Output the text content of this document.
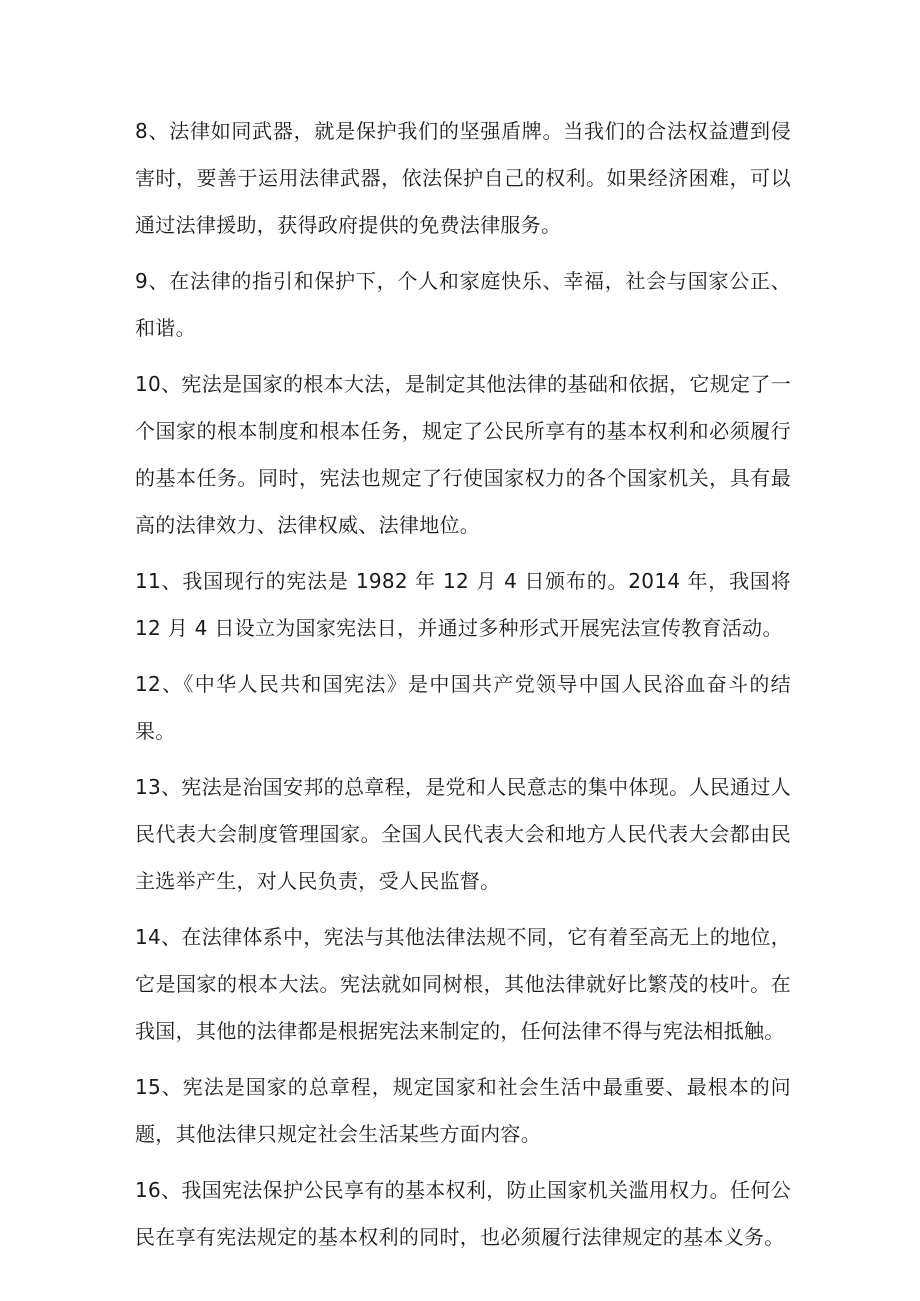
8、法律如同武器，就是保护我们的坚强盾牌。当我们的合法权益遭到侵害时，要善于运用法律武器，依法保护自己的权利。如果经济困难，可以通过法律援助，获得政府提供的免费法律服务。

9、在法律的指引和保护下，个人和家庭快乐、幸福，社会与国家公正、和谐。

10、宪法是国家的根本大法，是制定其他法律的基础和依据，它规定了一个国家的根本制度和根本任务，规定了公民所享有的基本权利和必须履行的基本任务。同时，宪法也规定了行使国家权力的各个国家机关，具有最高的法律效力、法律权威、法律地位。

11、我国现行的宪法是 1982 年 12 月 4 日颁布的。2014 年，我国将 12 月 4 日设立为国家宪法日，并通过多种形式开展宪法宣传教育活动。

12、《中华人民共和国宪法》是中国共产党领导中国人民浴血奋斗的结果。

13、宪法是治国安邦的总章程，是党和人民意志的集中体现。人民通过人民代表大会制度管理国家。全国人民代表大会和地方人民代表大会都由民主选举产生，对人民负责，受人民监督。

14、在法律体系中，宪法与其他法律法规不同，它有着至高无上的地位，它是国家的根本大法。宪法就如同树根，其他法律就好比繁茂的枝叶。在我国，其他的法律都是根据宪法来制定的，任何法律不得与宪法相抵触。

15、宪法是国家的总章程，规定国家和社会生活中最重要、最根本的问题，其他法律只规定社会生活某些方面内容。

16、我国宪法保护公民享有的基本权利，防止国家机关滥用权力。任何公民在享有宪法规定的基本权利的同时，也必须履行法律规定的基本义务。
